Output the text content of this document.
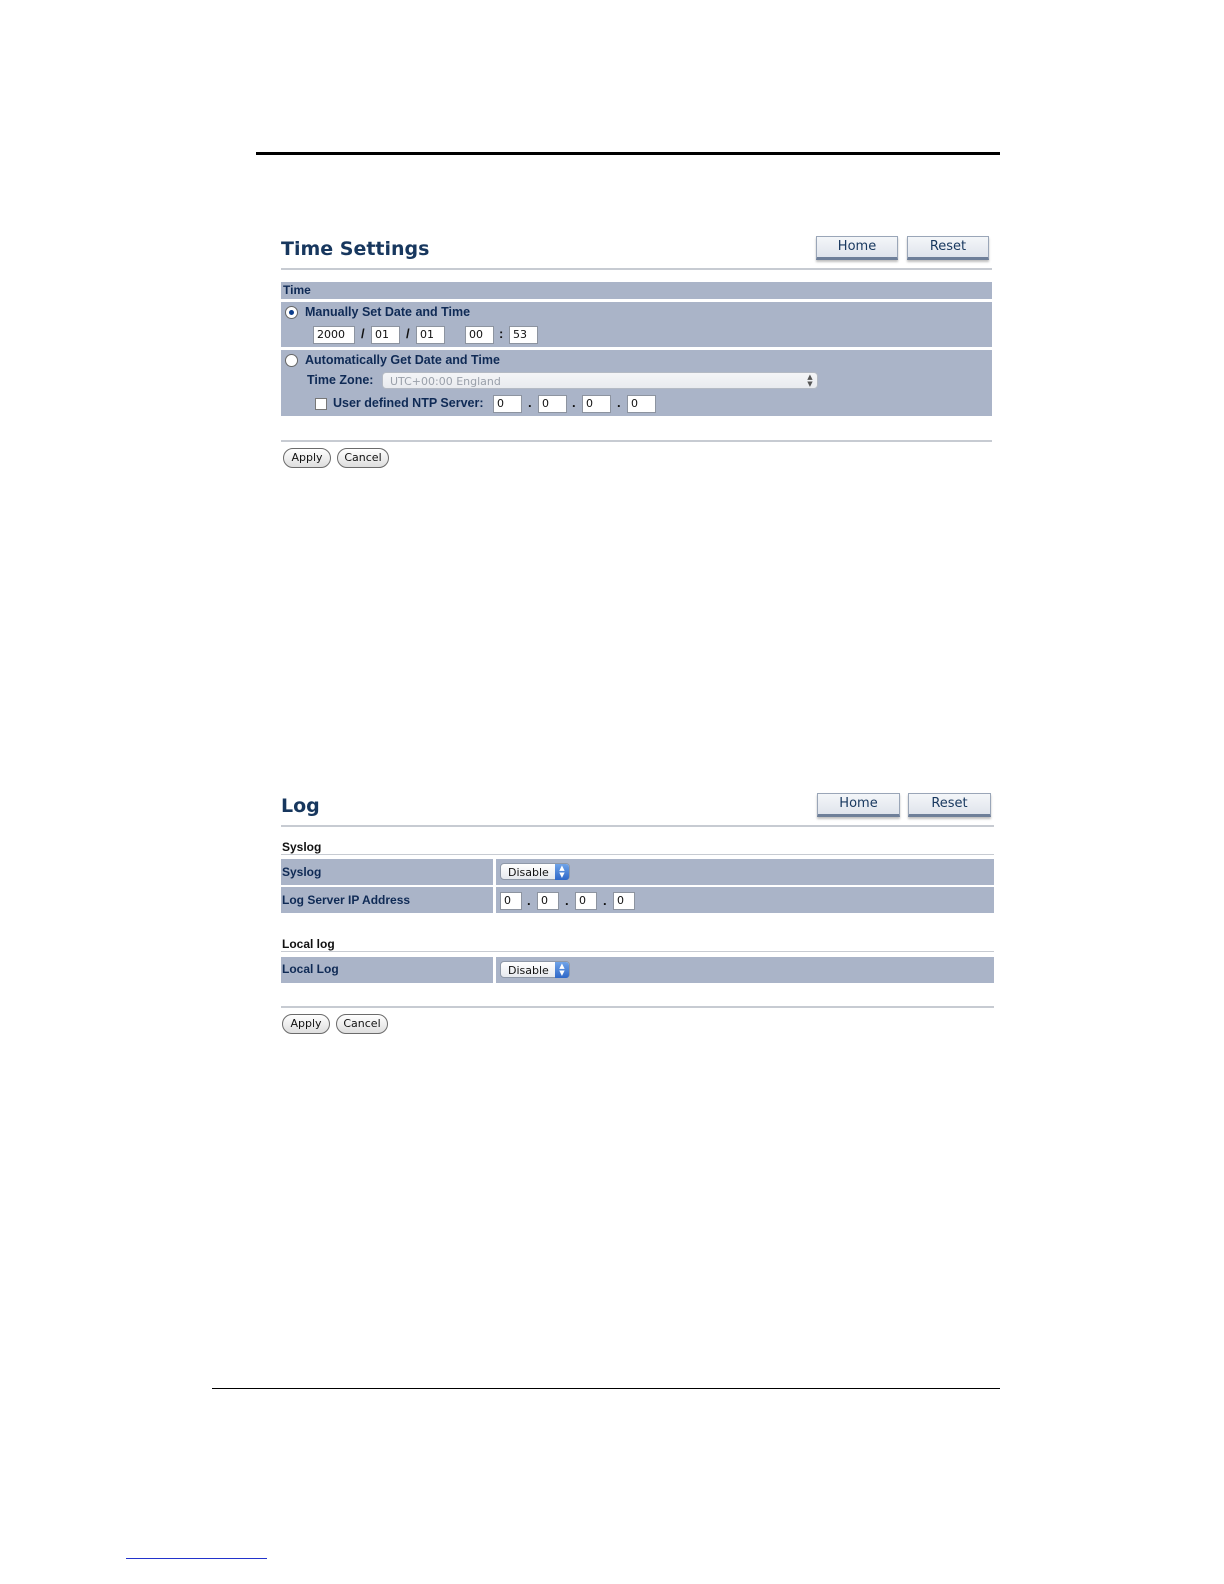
Time Settings	Home	Reset
Time
Manually Set Date and Time
2000	/ 01	/ 01	00	: 53
Automatically Get Date and Time
Time Zone:	UTC+00:00 England	▲
▼
User defined NTP Server:	0	. 0	. 0	. 0
Apply	Cancel
Log	Home	Reset
Syslog
Syslog	Disable	▲
▼
Log Server IP Address	0	. 0	. 0	. 0
Local log
Local Log	Disable	▲
▼
Apply	Cancel
